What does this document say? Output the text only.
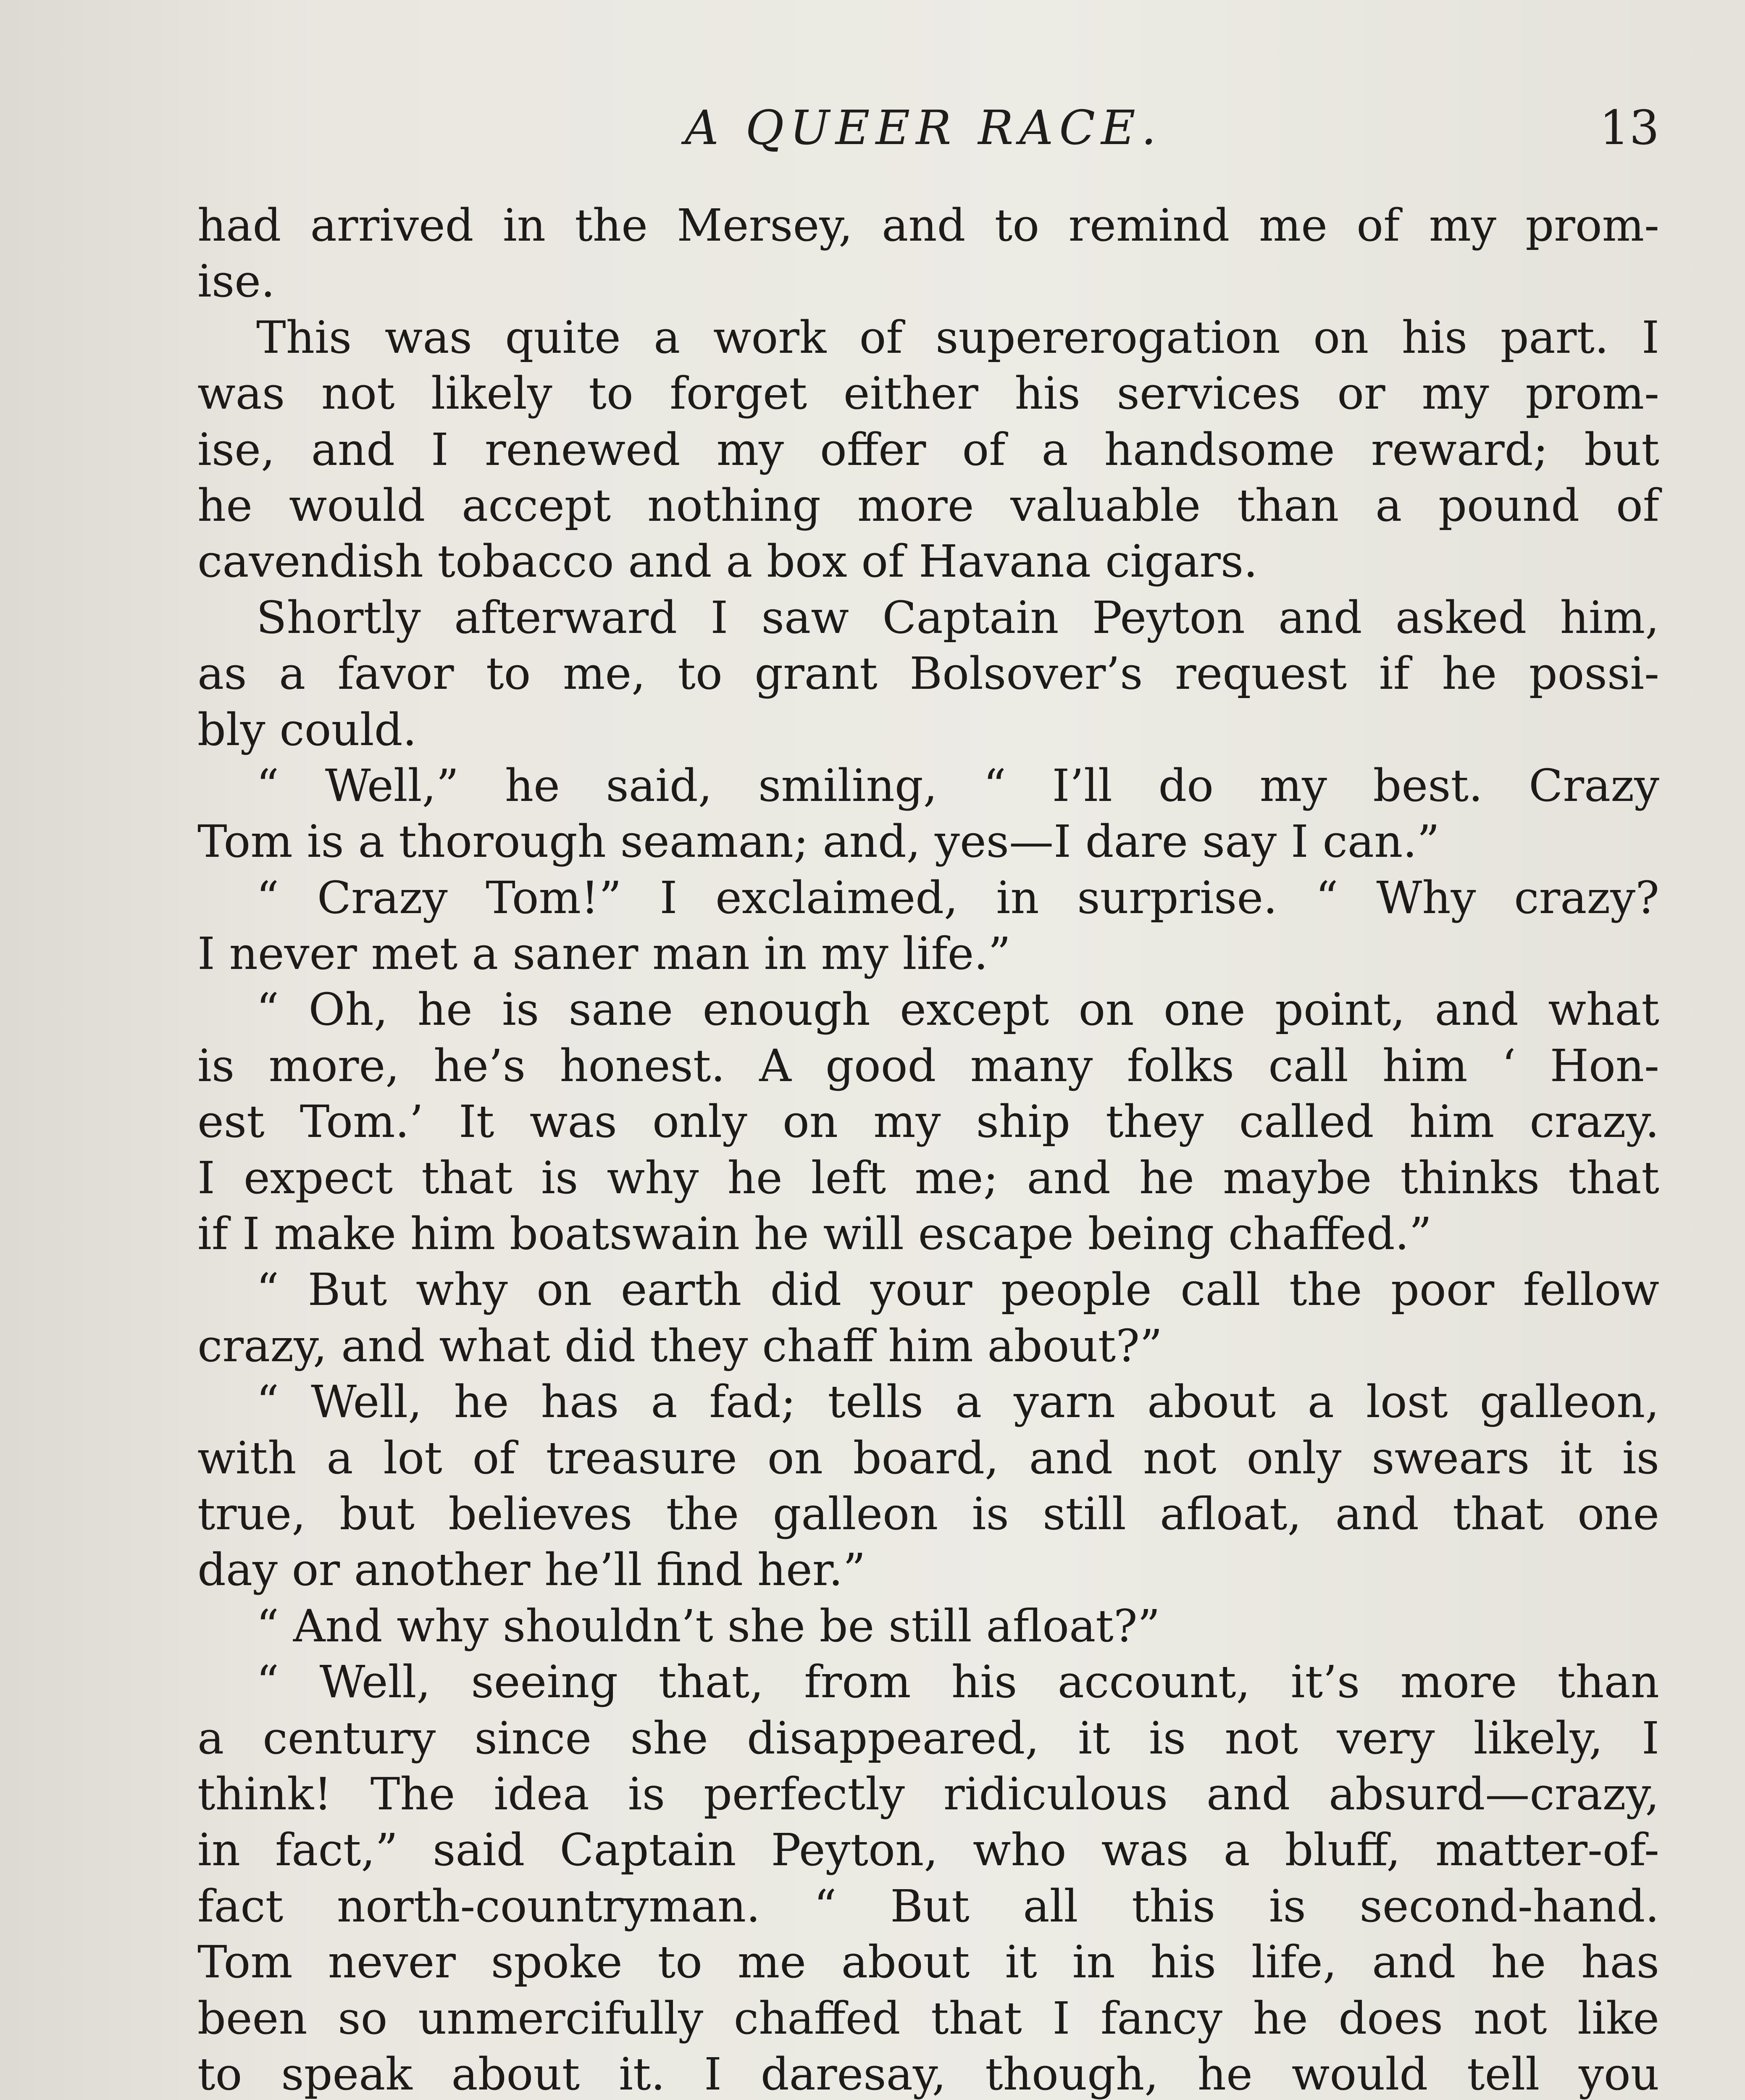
A QUEER RACE.	13
had arrived in the Mersey, and to remind me of my prom-
ise.
This was quite a work of supererogation on his part. I
was not likely to forget either his services or my prom-
ise, and I renewed my offer of a handsome reward; but
he would accept nothing more valuable than a pound of
cavendish tobacco and a box of Havana cigars.
Shortly afterward I saw Captain Peyton and asked him,
as a favor to me, to grant Bolsover’s request if he possi-
bly could.
“ Well,” he said, smiling, “ I’ll do my best. Crazy
Tom is a thorough seaman; and, yes—I dare say I can.”
“ Crazy Tom!” I exclaimed, in surprise. “ Why crazy?
I never met a saner man in my life.”
“ Oh, he is sane enough except on one point, and what
is more, he’s honest. A good many folks call him ‘ Hon-
est Tom.’ It was only on my ship they called him crazy.
I expect that is why he left me; and he maybe thinks that
if I make him boatswain he will escape being chaffed.”
“ But why on earth did your people call the poor fellow
crazy, and what did they chaff him about?”
“ Well, he has a fad; tells a yarn about a lost galleon,
with a lot of treasure on board, and not only swears it is
true, but believes the galleon is still afloat, and that one
day or another he’ll find her.”
“ And why shouldn’t she be still afloat?”
“ Well, seeing that, from his account, it’s more than
a century since she disappeared, it is not very likely, I
think! The idea is perfectly ridiculous and absurd—crazy,
in fact,” said Captain Peyton, who was a bluff, matter-of-
fact north-countryman. “ But all this is second-hand.
Tom never spoke to me about it in his life, and he has
been so unmercifully chaffed that I fancy he does not like
to speak about it. I daresay, though, he would tell you
